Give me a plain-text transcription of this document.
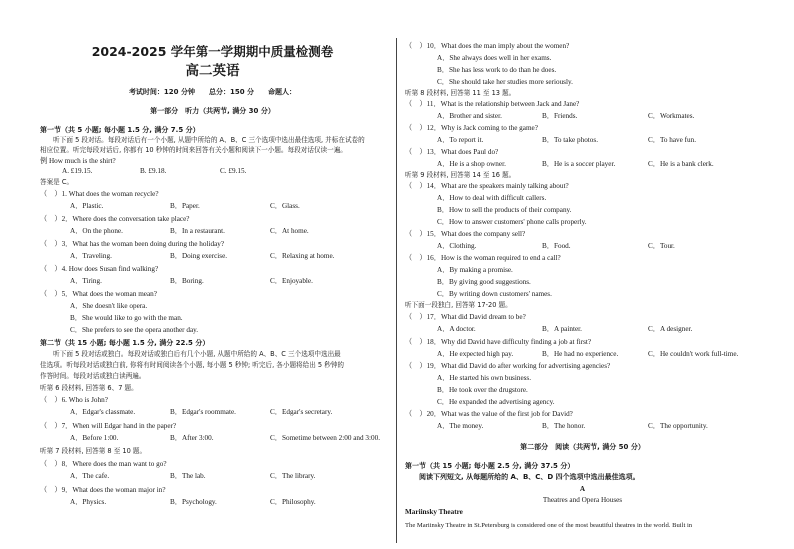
2024-2025 学年第一学期期中质量检测卷
高二英语
考试时间：120 分钟　　总分：150 分　　命题人：
第一部分　听力（共两节, 满分 30 分）
第一节（共 5 小题; 每小题 1.5 分, 满分 7.5 分）
　　听下面 5 段对话。每段对话后有一个小题, 从题中所给的 A、B、C 三个选项中选出最佳选项, 并标在试卷的
相应位置。听完每段对话后, 你都有 10 秒钟的时间来回答有关小题和阅读下一小题。每段对话仅读一遍。
例 How much is the shirt?
A. £19.15.	B. £9.18.	C. £9.15.
答案是 C。
（　）1. What does the woman recycle?
A．Plastic.	B．Paper.	C．Glass.
（　）2．Where does the conversation take place?
A．On the phone.	B．In a restaurant.	C．At home.
（　）3．What has the woman been doing during the holiday?
A．Traveling.	B．Doing exercise.	C．Relaxing at home.
（　）4. How does Susan find walking?
A．Tiring.	B．Boring.	C．Enjoyable.
（　）5．What does the woman mean?
A．She doesn't like opera.
B．She would like to go with the man.
C．She prefers to see the opera another day.
第二节（共 15 小题; 每小题 1.5 分, 满分 22.5 分）
　　听下面 5 段对话或独白。每段对话或独白后有几个小题, 从题中所给的 A、B、C 三个选项中选出最
佳选项。听每段对话或独白前, 你将有时间阅读各个小题, 每小题 5 秒钟; 听完后, 各小题将给出 5 秒钟的
作答时间。每段对话或独白读两遍。
听第 6 段材料, 回答第 6、7 题。
（　）6. Who is John?
A．Edgar's classmate.	B．Edgar's roommate.	C．Edgar's secretary.
（　）7．When will Edgar hand in the paper?
A．Before 1:00.	B．After 3:00.	C．Sometime between 2:00 and 3:00.
听第 7 段材料, 回答第 8 至 10 题。
（　）8．Where does the man want to go?
A．The cafe.	B．The lab.	C．The library.
（　）9．What does the woman major in?
A．Physics.	B．Psychology.	C．Philosophy.
（　）10．What does the man imply about the women?
A．She always does well in her exams.
B．She has less work to do than he does.
C．She should take her studies more seriously.
听第 8 段材料, 回答第 11 至 13 题。
（　）11．What is the relationship between Jack and Jane?
A．Brother and sister.	B．Friends.	C．Workmates.
（　）12．Why is Jack coming to the game?
A．To report it.	B．To take photos.	C．To have fun.
（　）13．What does Paul do?
A．He is a shop owner.	B．He is a soccer player.	C．He is a bank clerk.
听第 9 段材料, 回答第 14 至 16 题。
（　）14．What are the speakers mainly talking about?
A．How to deal with difficult callers.
B．How to sell the products of their company.
C．How to answer customers' phone calls properly.
（　）15．What does the company sell?
A．Clothing.	B．Food.	C．Tour.
（　）16．How is the woman required to end a call?
A．By making a promise.
B．By giving good suggestions.
C．By writing down customers' names.
听下面一段独白, 回答第 17-20 题。
（　）17．What did David dream to be?
A．A doctor.	B．A painter.	C．A designer.
（　）18．Why did David have difficulty finding a job at first?
A．He expected high pay.	B．He had no experience.	C．He couldn't work full-time.
（　）19．What did David do after working for advertising agencies?
A．He started his own business.
B．He took over the drugstore.
C．He expanded the advertising agency.
（　）20．What was the value of the first job for David?
A．The money.	B．The honor.	C．The opportunity.
第二部分　阅读（共两节, 满分 50 分）
第一节（共 15 小题; 每小题 2.5 分, 满分 37.5 分）
　　阅读下列短文, 从每题所给的 A、B、C、D 四个选项中选出最佳选项。
A
Theatres and Opera Houses
Mariinsky Theatre
The Mariinsky Theatre in St.Petersburg is considered one of the most beautiful theatres in the world. Built in
